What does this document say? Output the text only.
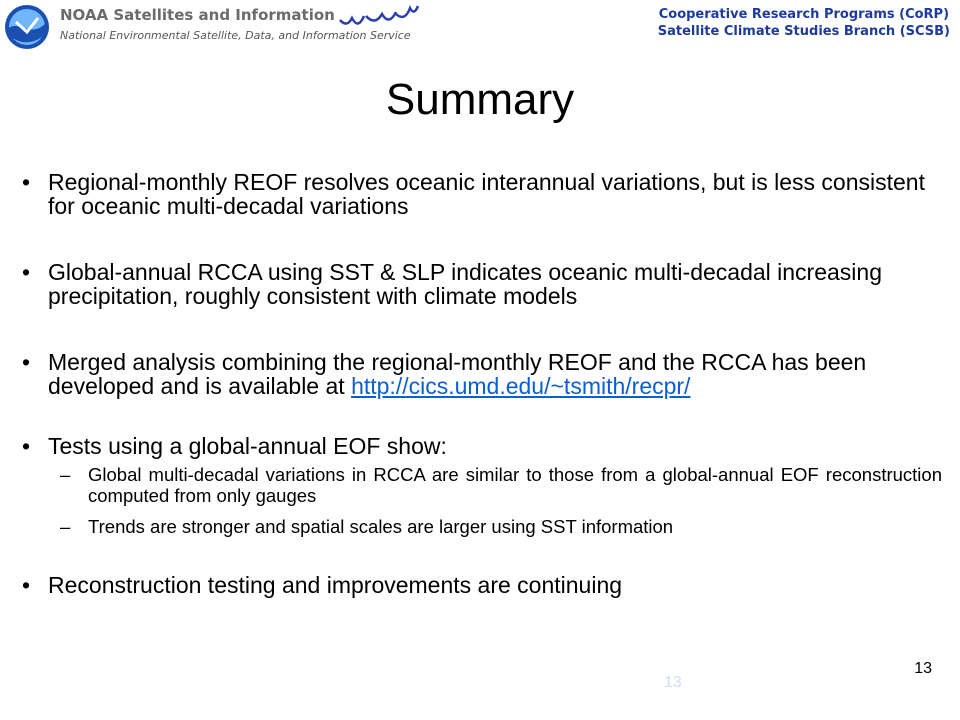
NOAA Satellites and Information
National Environmental Satellite, Data, and Information Service
Cooperative Research Programs (CoRP)
Satellite Climate Studies Branch (SCSB)
Summary
• Regional-monthly REOF resolves oceanic interannual variations, but is less consistent for oceanic multi-decadal variations
• Global-annual RCCA using SST & SLP indicates oceanic multi-decadal increasing precipitation, roughly consistent with climate models
• Merged analysis combining the regional-monthly REOF and the RCCA has been developed and is available at http://cics.umd.edu/~tsmith/recpr/
• Tests using a global-annual EOF show:
– Global multi-decadal variations in RCCA are similar to those from a global-annual EOF reconstruction computed from only gauges
– Trends are stronger and spatial scales are larger using SST information
• Reconstruction testing and improvements are continuing
13
13
